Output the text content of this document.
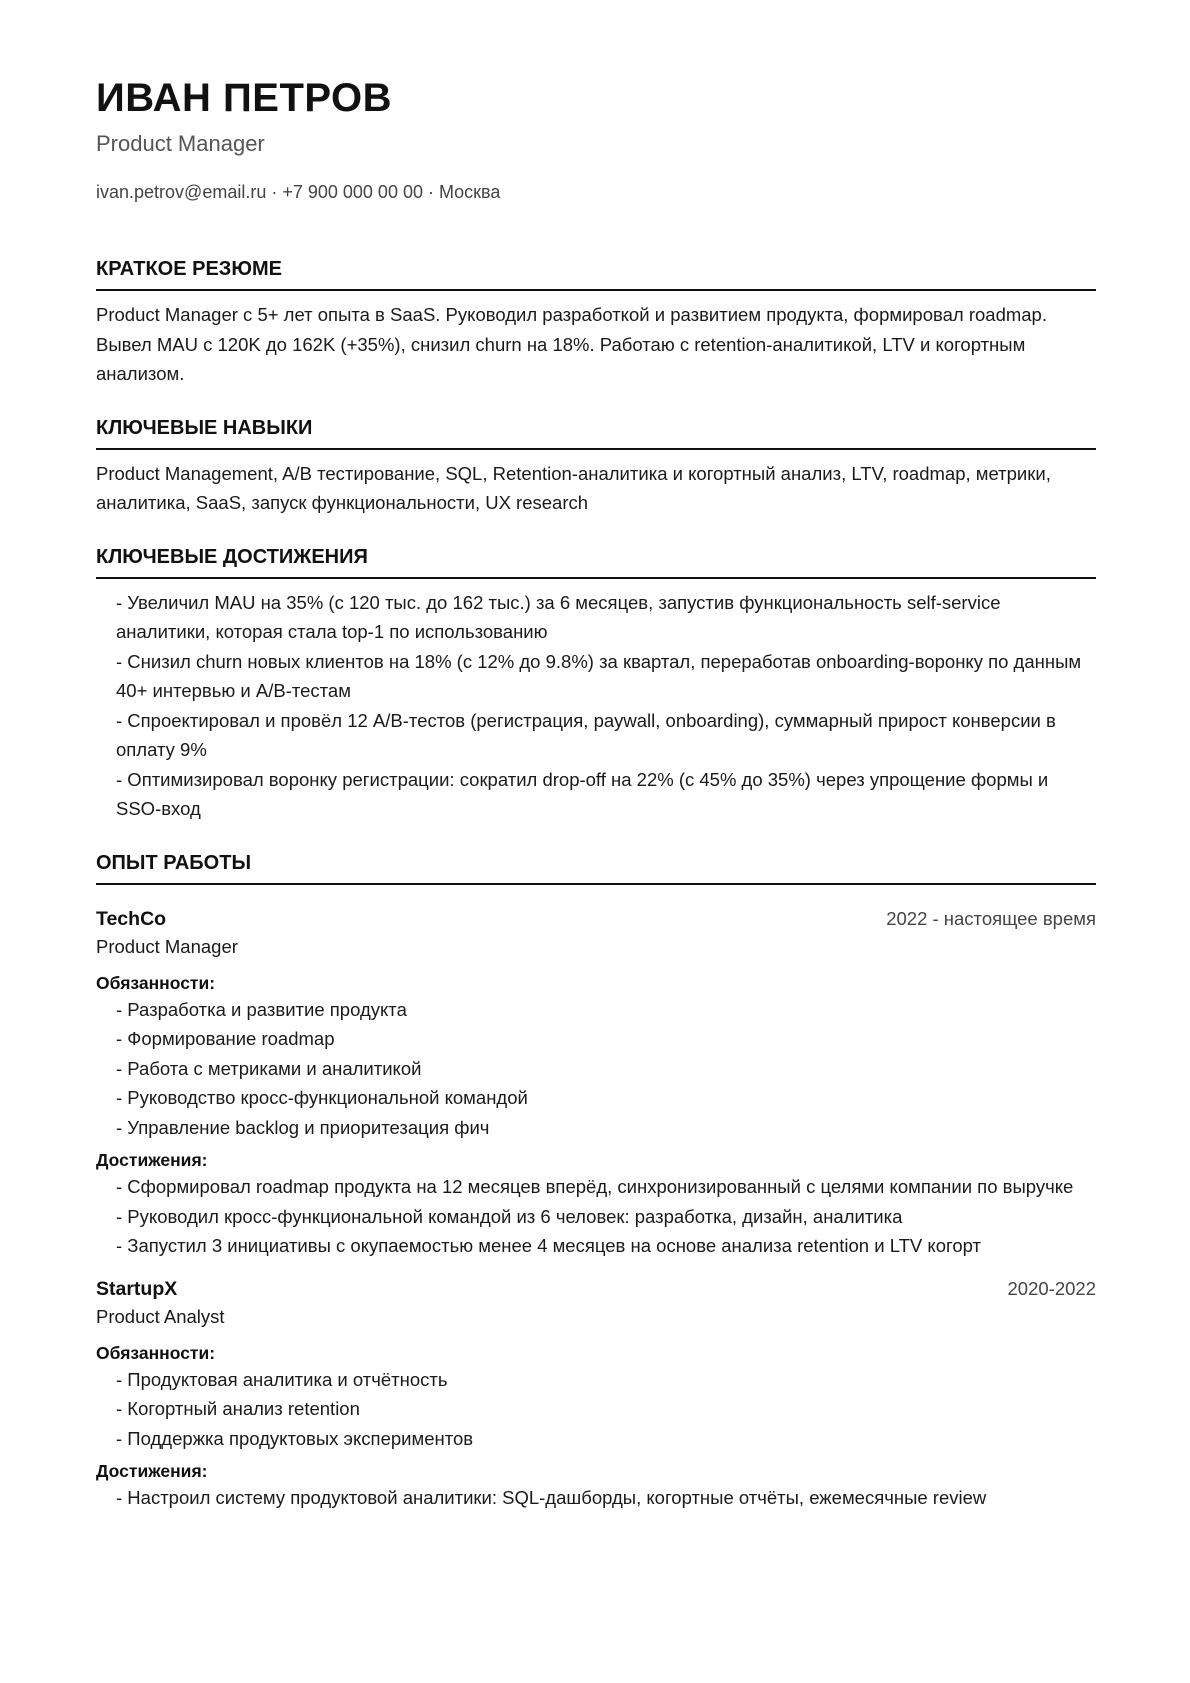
ИВАН ПЕТРОВ
Product Manager
ivan.petrov@email.ru · +7 900 000 00 00 · Москва
КРАТКОЕ РЕЗЮМЕ
Product Manager с 5+ лет опыта в SaaS. Руководил разработкой и развитием продукта, формировал roadmap. Вывел MAU с 120K до 162K (+35%), снизил churn на 18%. Работаю с retention-аналитикой, LTV и когортным анализом.
КЛЮЧЕВЫЕ НАВЫКИ
Product Management, A/B тестирование, SQL, Retention-аналитика и когортный анализ, LTV, roadmap, метрики, аналитика, SaaS, запуск функциональности, UX research
КЛЮЧЕВЫЕ ДОСТИЖЕНИЯ
- Увеличил MAU на 35% (с 120 тыс. до 162 тыс.) за 6 месяцев, запустив функциональность self-service аналитики, которая стала top-1 по использованию
- Снизил churn новых клиентов на 18% (с 12% до 9.8%) за квартал, переработав onboarding-воронку по данным 40+ интервью и A/B-тестам
- Спроектировал и провёл 12 A/B-тестов (регистрация, paywall, onboarding), суммарный прирост конверсии в оплату 9%
- Оптимизировал воронку регистрации: сократил drop-off на 22% (с 45% до 35%) через упрощение формы и SSO-вход
ОПЫТ РАБОТЫ
TechCo	2022 - настоящее время
Product Manager
Обязанности:
- Разработка и развитие продукта
- Формирование roadmap
- Работа с метриками и аналитикой
- Руководство кросс-функциональной командой
- Управление backlog и приоритезация фич
Достижения:
- Сформировал roadmap продукта на 12 месяцев вперёд, синхронизированный с целями компании по выручке
- Руководил кросс-функциональной командой из 6 человек: разработка, дизайн, аналитика
- Запустил 3 инициативы с окупаемостью менее 4 месяцев на основе анализа retention и LTV когорт
StartupX	2020-2022
Product Analyst
Обязанности:
- Продуктовая аналитика и отчётность
- Когортный анализ retention
- Поддержка продуктовых экспериментов
Достижения:
- Настроил систему продуктовой аналитики: SQL-дашборды, когортные отчёты, ежемесячные review
